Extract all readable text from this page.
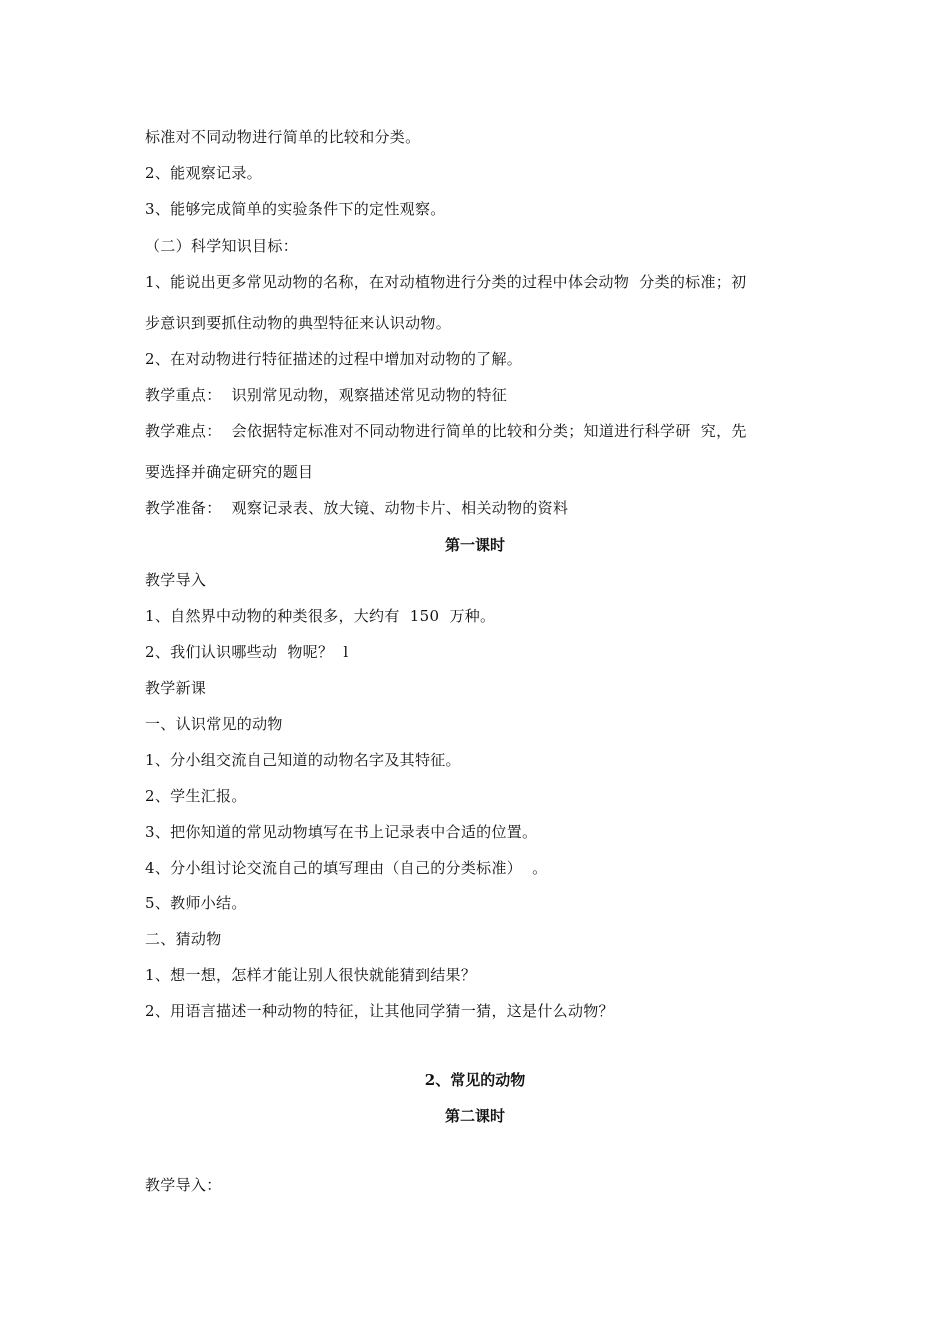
标准对不同动物进行简单的比较和分类。
2、能观察记录。
3、能够完成简单的实验条件下的定性观察。
（二）科学知识目标：
1、能说出更多常见动物的名称，在对动植物进行分类的过程中体会动物  分类的标准；初
步意识到要抓住动物的典型特征来认识动物。
2、在对动物进行特征描述的过程中增加对动物的了解。
教学重点：  识别常见动物，观察描述常见动物的特征
教学难点：  会依据特定标准对不同动物进行简单的比较和分类；知道进行科学研  究，先
要选择并确定研究的题目
教学准备：  观察记录表、放大镜、动物卡片、相关动物的资料
第一课时
教学导入
1、自然界中动物的种类很多，大约有  150  万种。
2、我们认识哪些动  物呢？  l
教学新课
一、认识常见的动物
1、分小组交流自己知道的动物名字及其特征。
2、学生汇报。
3、把你知道的常见动物填写在书上记录表中合适的位置。
4、分小组讨论交流自己的填写理由（自己的分类标准）  。
5、教师小结。
二、猜动物
1、想一想，怎样才能让别人很快就能猜到结果？
2、用语言描述一种动物的特征，让其他同学猜一猜，这是什么动物？
2、常见的动物
第二课时
教学导入：
